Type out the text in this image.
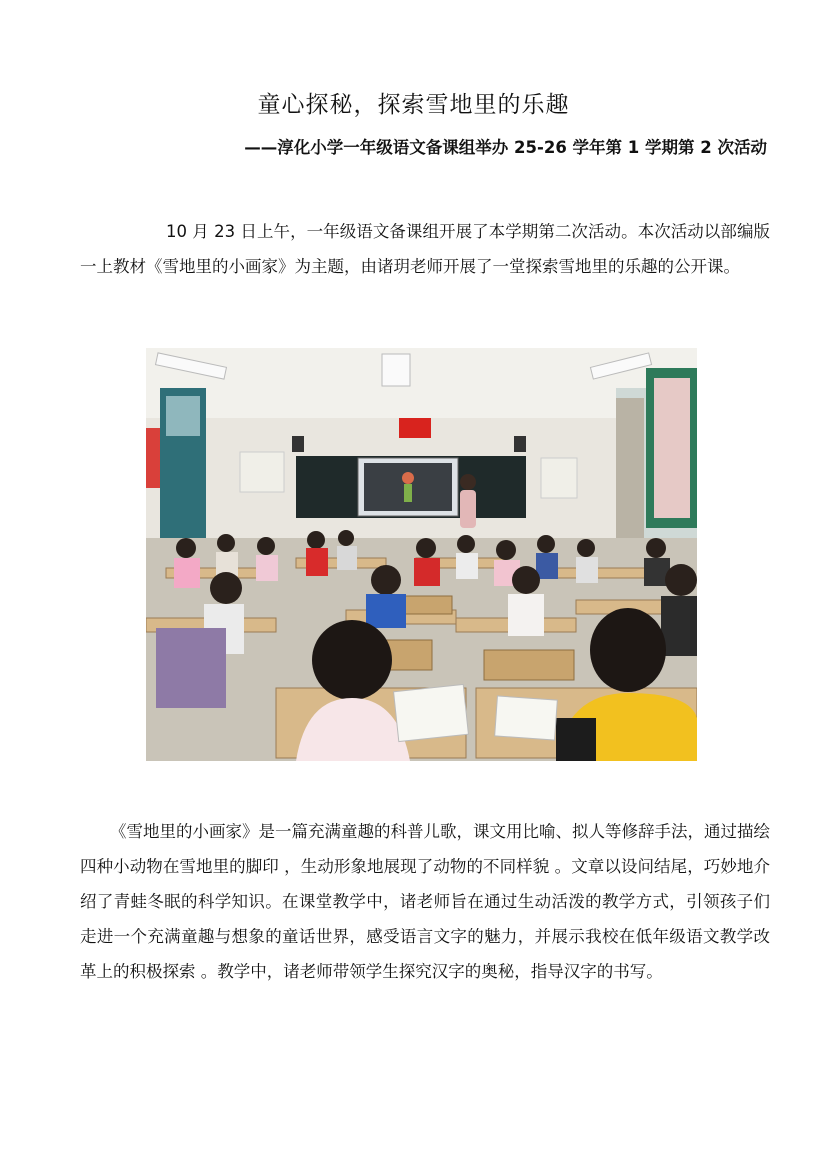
童心探秘，探索雪地里的乐趣
——淳化小学一年级语文备课组举办 25-26 学年第 1 学期第 2 次活动

10 月 23 日上午，一年级语文备课组开展了本学期第二次活动。本次活动以部编版一上教材《雪地里的小画家》为主题，由诸玥老师开展了一堂探索雪地里的乐趣的公开课。

《雪地里的小画家》是一篇充满童趣的科普儿歌，课文用比喻、拟人等修辞手法，通过描绘四种小动物在雪地里的脚印 ，生动形象地展现了动物的不同样貌 。文章以设问结尾，巧妙地介绍了青蛙冬眠的科学知识。在课堂教学中，诸老师旨在通过生动活泼的教学方式，引领孩子们走进一个充满童趣与想象的童话世界，感受语言文字的魅力，并展示我校在低年级语文教学改革上的积极探索 。教学中，诸老师带领学生探究汉字的奥秘，指导汉字的书写。
